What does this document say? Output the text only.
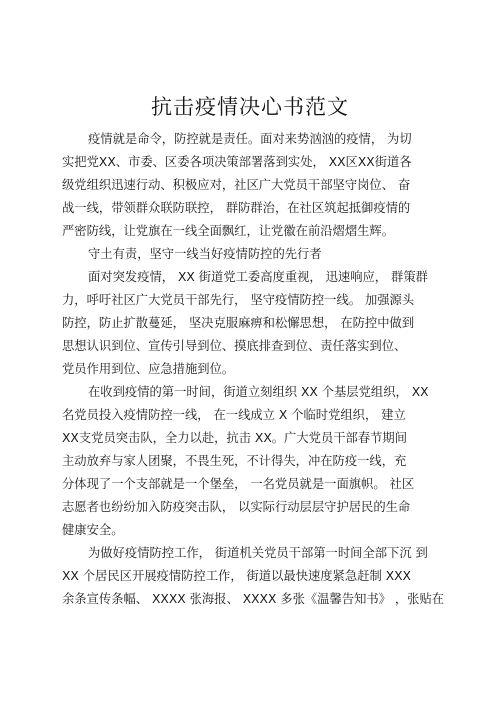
抗击疫情决心书范文
疫情就是命令，防控就是责任。面对来势汹汹的疫情， 为切
实把党XX、市委、区委各项决策部署落到实处， XX区XX街道各
级党组织迅速行动、积极应对，社区广大党员干部坚守岗位、 奋
战一线，带领群众联防联控， 群防群治，在社区筑起抵御疫情的
严密防线，让党旗在一线全面飘红，让党徽在前沿熠熠生辉。
守土有责，坚守一线当好疫情防控的先行者
面对突发疫情， XX 街道党工委高度重视， 迅速响应， 群策群
力，呼吁社区广大党员干部先行， 坚守疫情防控一线。 加强源头
防控，防止扩散蔓延， 坚决克服麻痹和松懈思想， 在防控中做到
思想认识到位、宣传引导到位、摸底排查到位、责任落实到位、
党员作用到位、应急措施到位。
在收到疫情的第一时间，街道立刻组织 XX 个基层党组织， XX
名党员投入疫情防控一线， 在一线成立 X 个临时党组织， 建立
XX支党员突击队，全力以赴，抗击 XX。广大党员干部春节期间
主动放弃与家人团聚，不畏生死，不计得失，冲在防疫一线，充
分体现了一个支部就是一个堡垒， 一名党员就是一面旗帜。 社区
志愿者也纷纷加入防疫突击队， 以实际行动层层守护居民的生命
健康安全。
为做好疫情防控工作， 街道机关党员干部第一时间全部下沉 到
XX 个居民区开展疫情防控工作， 街道以最快速度紧急赶制 XXX
余条宣传条幅、 XXXX 张海报、 XXXX 多张《温馨告知书》 ，张贴在
